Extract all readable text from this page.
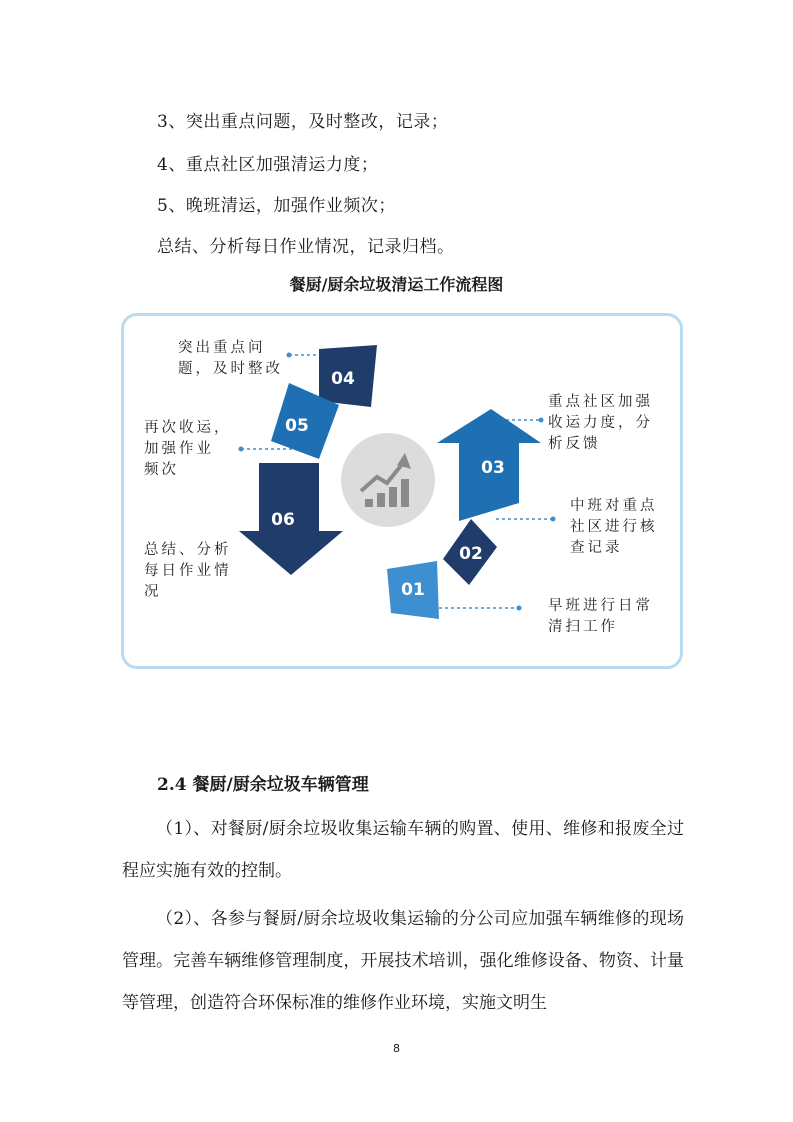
3、突出重点问题，及时整改，记录；
4、重点社区加强清运力度；
5、晚班清运，加强作业频次；
总结、分析每日作业情况，记录归档。
餐厨/厨余垃圾清运工作流程图
04
05
06
03
02
01
突出重点问
题，及时整改
再次收运，
加强作业
频次
总结、分析
每日作业情
况
重点社区加强
收运力度，分
析反馈
中班对重点
社区进行核
查记录
早班进行日常
清扫工作
2.4 餐厨/厨余垃圾车辆管理
（1）、对餐厨/厨余垃圾收集运输车辆的购置、使用、维修和报废全过程应实施有效的控制。
（2）、各参与餐厨/厨余垃圾收集运输的分公司应加强车辆维修的现场管理。完善车辆维修管理制度，开展技术培训，强化维修设备、物资、计量等管理，创造符合环保标准的维修作业环境，实施文明生
8
